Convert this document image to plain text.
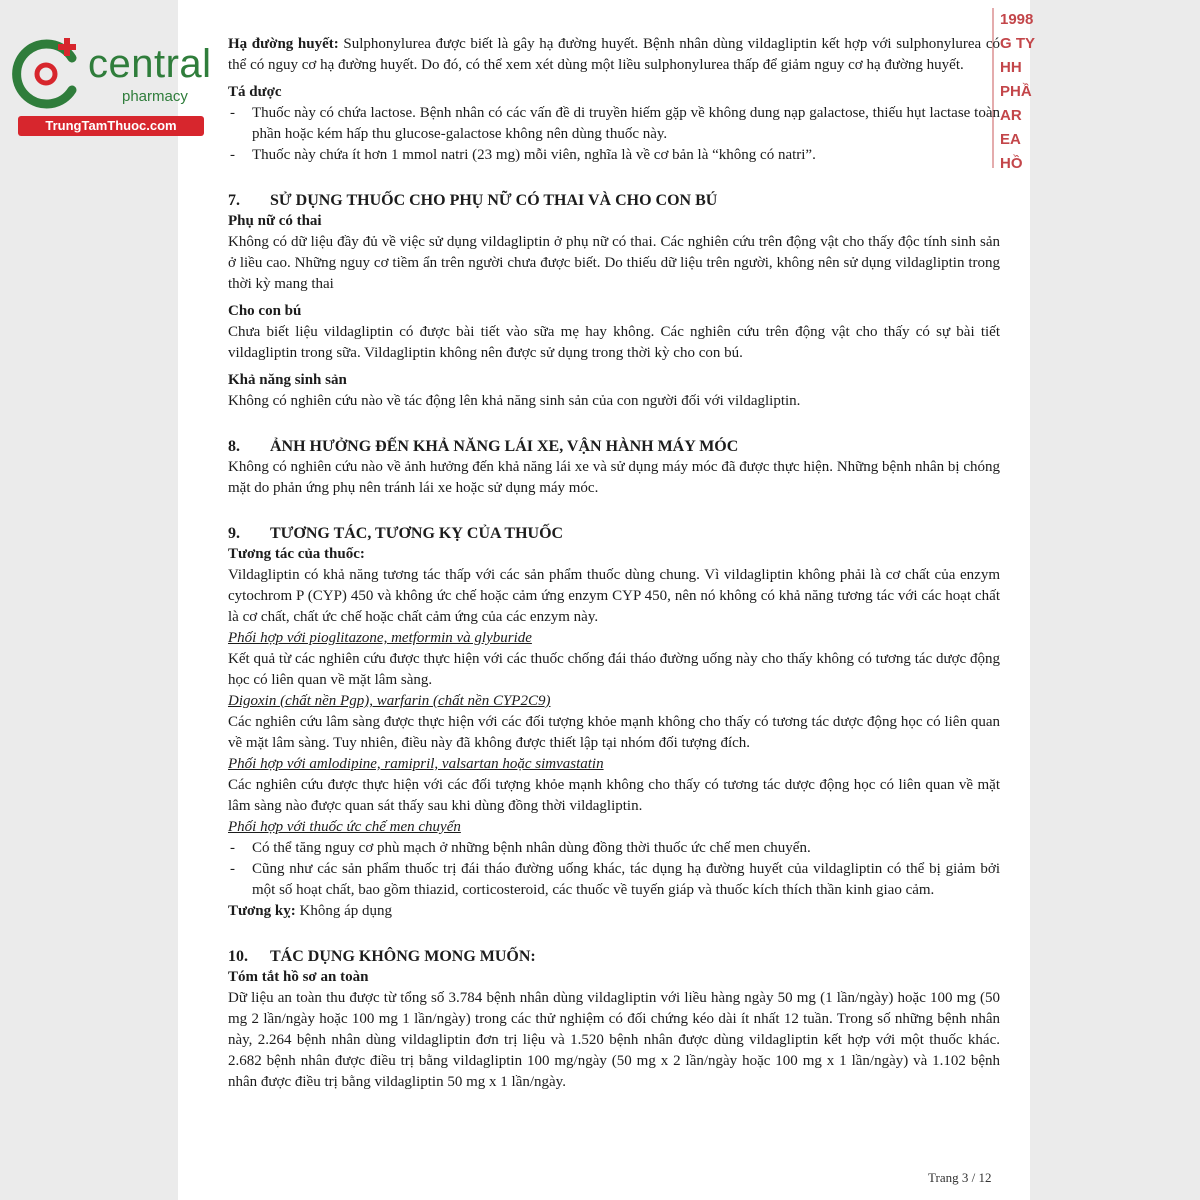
central
pharmacy
TrungTamThuoc.com
1998
G TY
HH
PHẦ
AR EA
HỒ

Hạ đường huyết: Sulphonylurea được biết là gây hạ đường huyết. Bệnh nhân dùng vildagliptin kết hợp với sulphonylurea có thể có nguy cơ hạ đường huyết. Do đó, có thể xem xét dùng một liều sulphonylurea thấp để giảm nguy cơ hạ đường huyết.

Tá dược

- Thuốc này có chứa lactose. Bệnh nhân có các vấn đề di truyền hiếm gặp về không dung nạp galactose, thiếu hụt lactase toàn phần hoặc kém hấp thu glucose-galactose không nên dùng thuốc này.
- Thuốc này chứa ít hơn 1 mmol natri (23 mg) mỗi viên, nghĩa là về cơ bản là “không có natri”.

7. SỬ DỤNG THUỐC CHO PHỤ NỮ CÓ THAI VÀ CHO CON BÚ

Phụ nữ có thai

Không có dữ liệu đầy đủ về việc sử dụng vildagliptin ở phụ nữ có thai. Các nghiên cứu trên động vật cho thấy độc tính sinh sản ở liều cao. Những nguy cơ tiềm ẩn trên người chưa được biết. Do thiếu dữ liệu trên người, không nên sử dụng vildagliptin trong thời kỳ mang thai

Cho con bú

Chưa biết liệu vildagliptin có được bài tiết vào sữa mẹ hay không. Các nghiên cứu trên động vật cho thấy có sự bài tiết vildagliptin trong sữa. Vildagliptin không nên được sử dụng trong thời kỳ cho con bú.

Khả năng sinh sản

Không có nghiên cứu nào về tác động lên khả năng sinh sản của con người đối với vildagliptin.

8. ẢNH HƯỞNG ĐẾN KHẢ NĂNG LÁI XE, VẬN HÀNH MÁY MÓC

Không có nghiên cứu nào về ảnh hưởng đến khả năng lái xe và sử dụng máy móc đã được thực hiện. Những bệnh nhân bị chóng mặt do phản ứng phụ nên tránh lái xe hoặc sử dụng máy móc.

9. TƯƠNG TÁC, TƯƠNG KỴ CỦA THUỐC

Tương tác của thuốc:

Vildagliptin có khả năng tương tác thấp với các sản phẩm thuốc dùng chung. Vì vildagliptin không phải là cơ chất của enzym cytochrom P (CYP) 450 và không ức chế hoặc cảm ứng enzym CYP 450, nên nó không có khả năng tương tác với các hoạt chất là cơ chất, chất ức chế hoặc chất cảm ứng của các enzym này.

Phối hợp với pioglitazone, metformin và glyburide

Kết quả từ các nghiên cứu được thực hiện với các thuốc chống đái tháo đường uống này cho thấy không có tương tác dược động học có liên quan về mặt lâm sàng.

Digoxin (chất nền Pgp), warfarin (chất nền CYP2C9)

Các nghiên cứu lâm sàng được thực hiện với các đối tượng khỏe mạnh không cho thấy có tương tác dược động học có liên quan về mặt lâm sàng. Tuy nhiên, điều này đã không được thiết lập tại nhóm đối tượng đích.

Phối hợp với amlodipine, ramipril, valsartan hoặc simvastatin

Các nghiên cứu được thực hiện với các đối tượng khỏe mạnh không cho thấy có tương tác dược động học có liên quan về mặt lâm sàng nào được quan sát thấy sau khi dùng đồng thời vildagliptin.

Phối hợp với thuốc ức chế men chuyển

- Có thể tăng nguy cơ phù mạch ở những bệnh nhân dùng đồng thời thuốc ức chế men chuyển.
- Cũng như các sản phẩm thuốc trị đái tháo đường uống khác, tác dụng hạ đường huyết của vildagliptin có thể bị giảm bởi một số hoạt chất, bao gồm thiazid, corticosteroid, các thuốc về tuyến giáp và thuốc kích thích thần kinh giao cảm.

Tương kỵ: Không áp dụng

10. TÁC DỤNG KHÔNG MONG MUỐN:

Tóm tắt hồ sơ an toàn

Dữ liệu an toàn thu được từ tổng số 3.784 bệnh nhân dùng vildagliptin với liều hàng ngày 50 mg (1 lần/ngày) hoặc 100 mg (50 mg 2 lần/ngày hoặc 100 mg 1 lần/ngày) trong các thử nghiệm có đối chứng kéo dài ít nhất 12 tuần. Trong số những bệnh nhân này, 2.264 bệnh nhân dùng vildagliptin đơn trị liệu và 1.520 bệnh nhân được dùng vildagliptin kết hợp với một thuốc khác. 2.682 bệnh nhân được điều trị bằng vildagliptin 100 mg/ngày (50 mg x 2 lần/ngày hoặc 100 mg x 1 lần/ngày) và 1.102 bệnh nhân được điều trị bằng vildagliptin 50 mg x 1 lần/ngày.

Trang 3 / 12
